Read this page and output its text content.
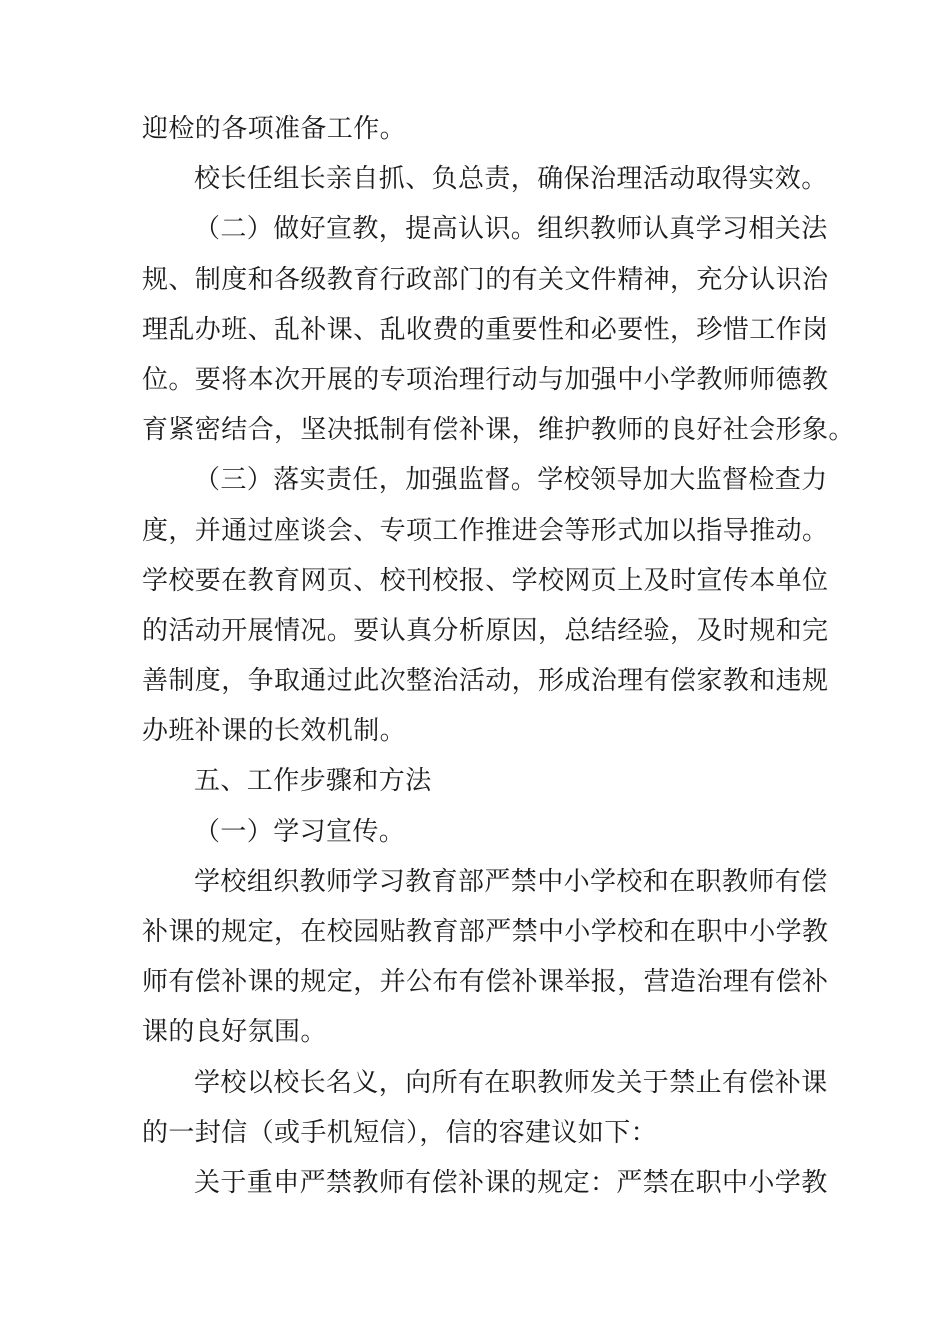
迎检的各项准备工作。
校长任组长亲自抓、负总责，确保治理活动取得实效。
（二）做好宣教，提高认识。组织教师认真学习相关法
规、制度和各级教育行政部门的有关文件精神，充分认识治
理乱办班、乱补课、乱收费的重要性和必要性，珍惜工作岗
位。要将本次开展的专项治理行动与加强中小学教师师德教
育紧密结合，坚决抵制有偿补课，维护教师的良好社会形象。
（三）落实责任，加强监督。学校领导加大监督检查力
度，并通过座谈会、专项工作推进会等形式加以指导推动。
学校要在教育网页、校刊校报、学校网页上及时宣传本单位
的活动开展情况。要认真分析原因，总结经验，及时规和完
善制度，争取通过此次整治活动，形成治理有偿家教和违规
办班补课的长效机制。
五、工作步骤和方法
（一）学习宣传。
学校组织教师学习教育部严禁中小学校和在职教师有偿
补课的规定，在校园贴教育部严禁中小学校和在职中小学教
师有偿补课的规定，并公布有偿补课举报，营造治理有偿补
课的良好氛围。
学校以校长名义，向所有在职教师发关于禁止有偿补课
的一封信（或手机短信），信的容建议如下：
关于重申严禁教师有偿补课的规定：严禁在职中小学教
